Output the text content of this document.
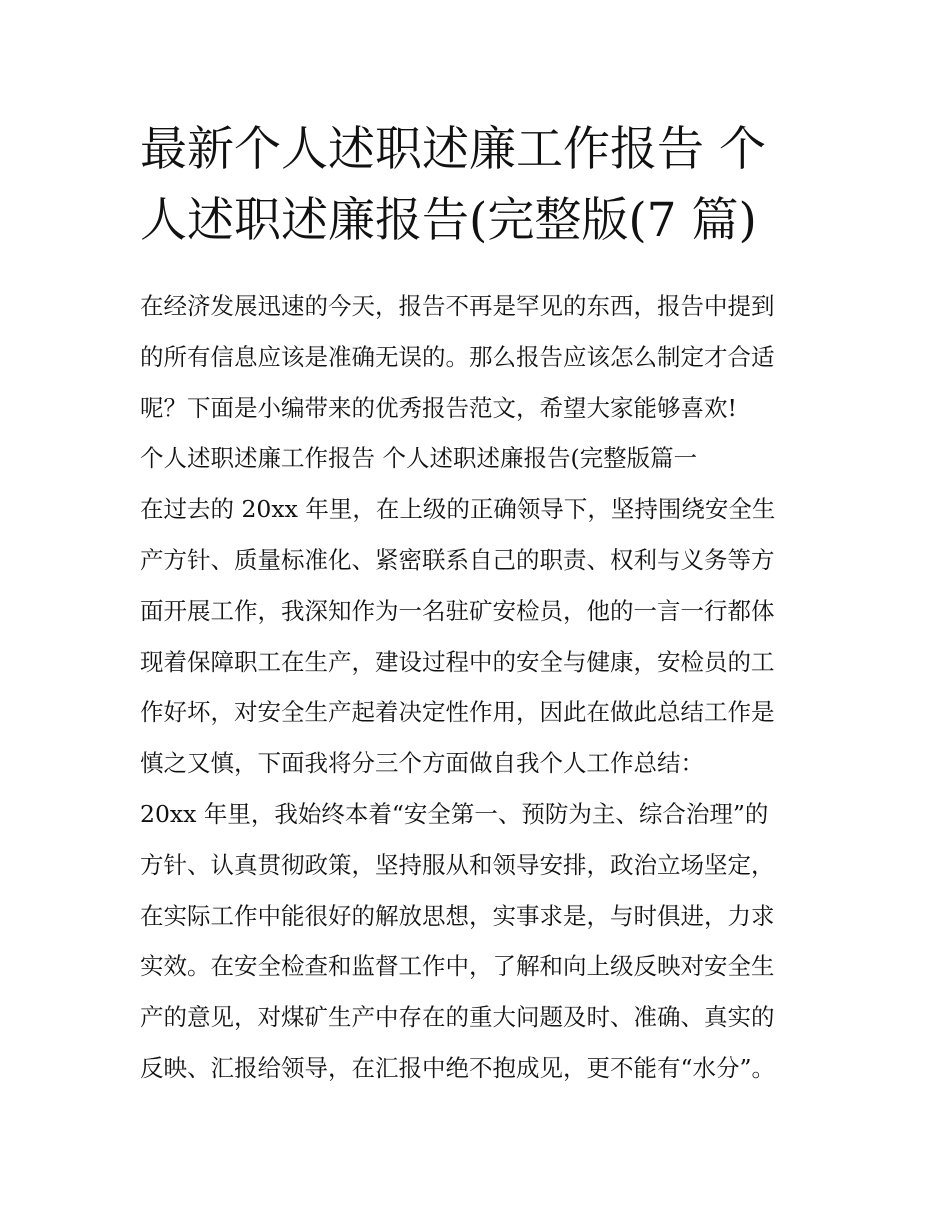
最新个人述职述廉工作报告 个
人述职述廉报告(完整版(7 篇)
在经济发展迅速的今天，报告不再是罕见的东西，报告中提到
的所有信息应该是准确无误的。那么报告应该怎么制定才合适
呢？下面是小编带来的优秀报告范文，希望大家能够喜欢!
个人述职述廉工作报告 个人述职述廉报告(完整版篇一
在过去的 20xx 年里，在上级的正确领导下，坚持围绕安全生
产方针、质量标准化、紧密联系自己的职责、权利与义务等方
面开展工作，我深知作为一名驻矿安检员，他的一言一行都体
现着保障职工在生产，建设过程中的安全与健康，安检员的工
作好坏，对安全生产起着决定性作用，因此在做此总结工作是
慎之又慎，下面我将分三个方面做自我个人工作总结：
20xx 年里，我始终本着“安全第一、预防为主、综合治理”的
方针、认真贯彻政策，坚持服从和领导安排，政治立场坚定，
在实际工作中能很好的解放思想，实事求是，与时俱进，力求
实效。在安全检查和监督工作中，了解和向上级反映对安全生
产的意见，对煤矿生产中存在的重大问题及时、准确、真实的
反映、汇报给领导，在汇报中绝不抱成见，更不能有“水分”。
